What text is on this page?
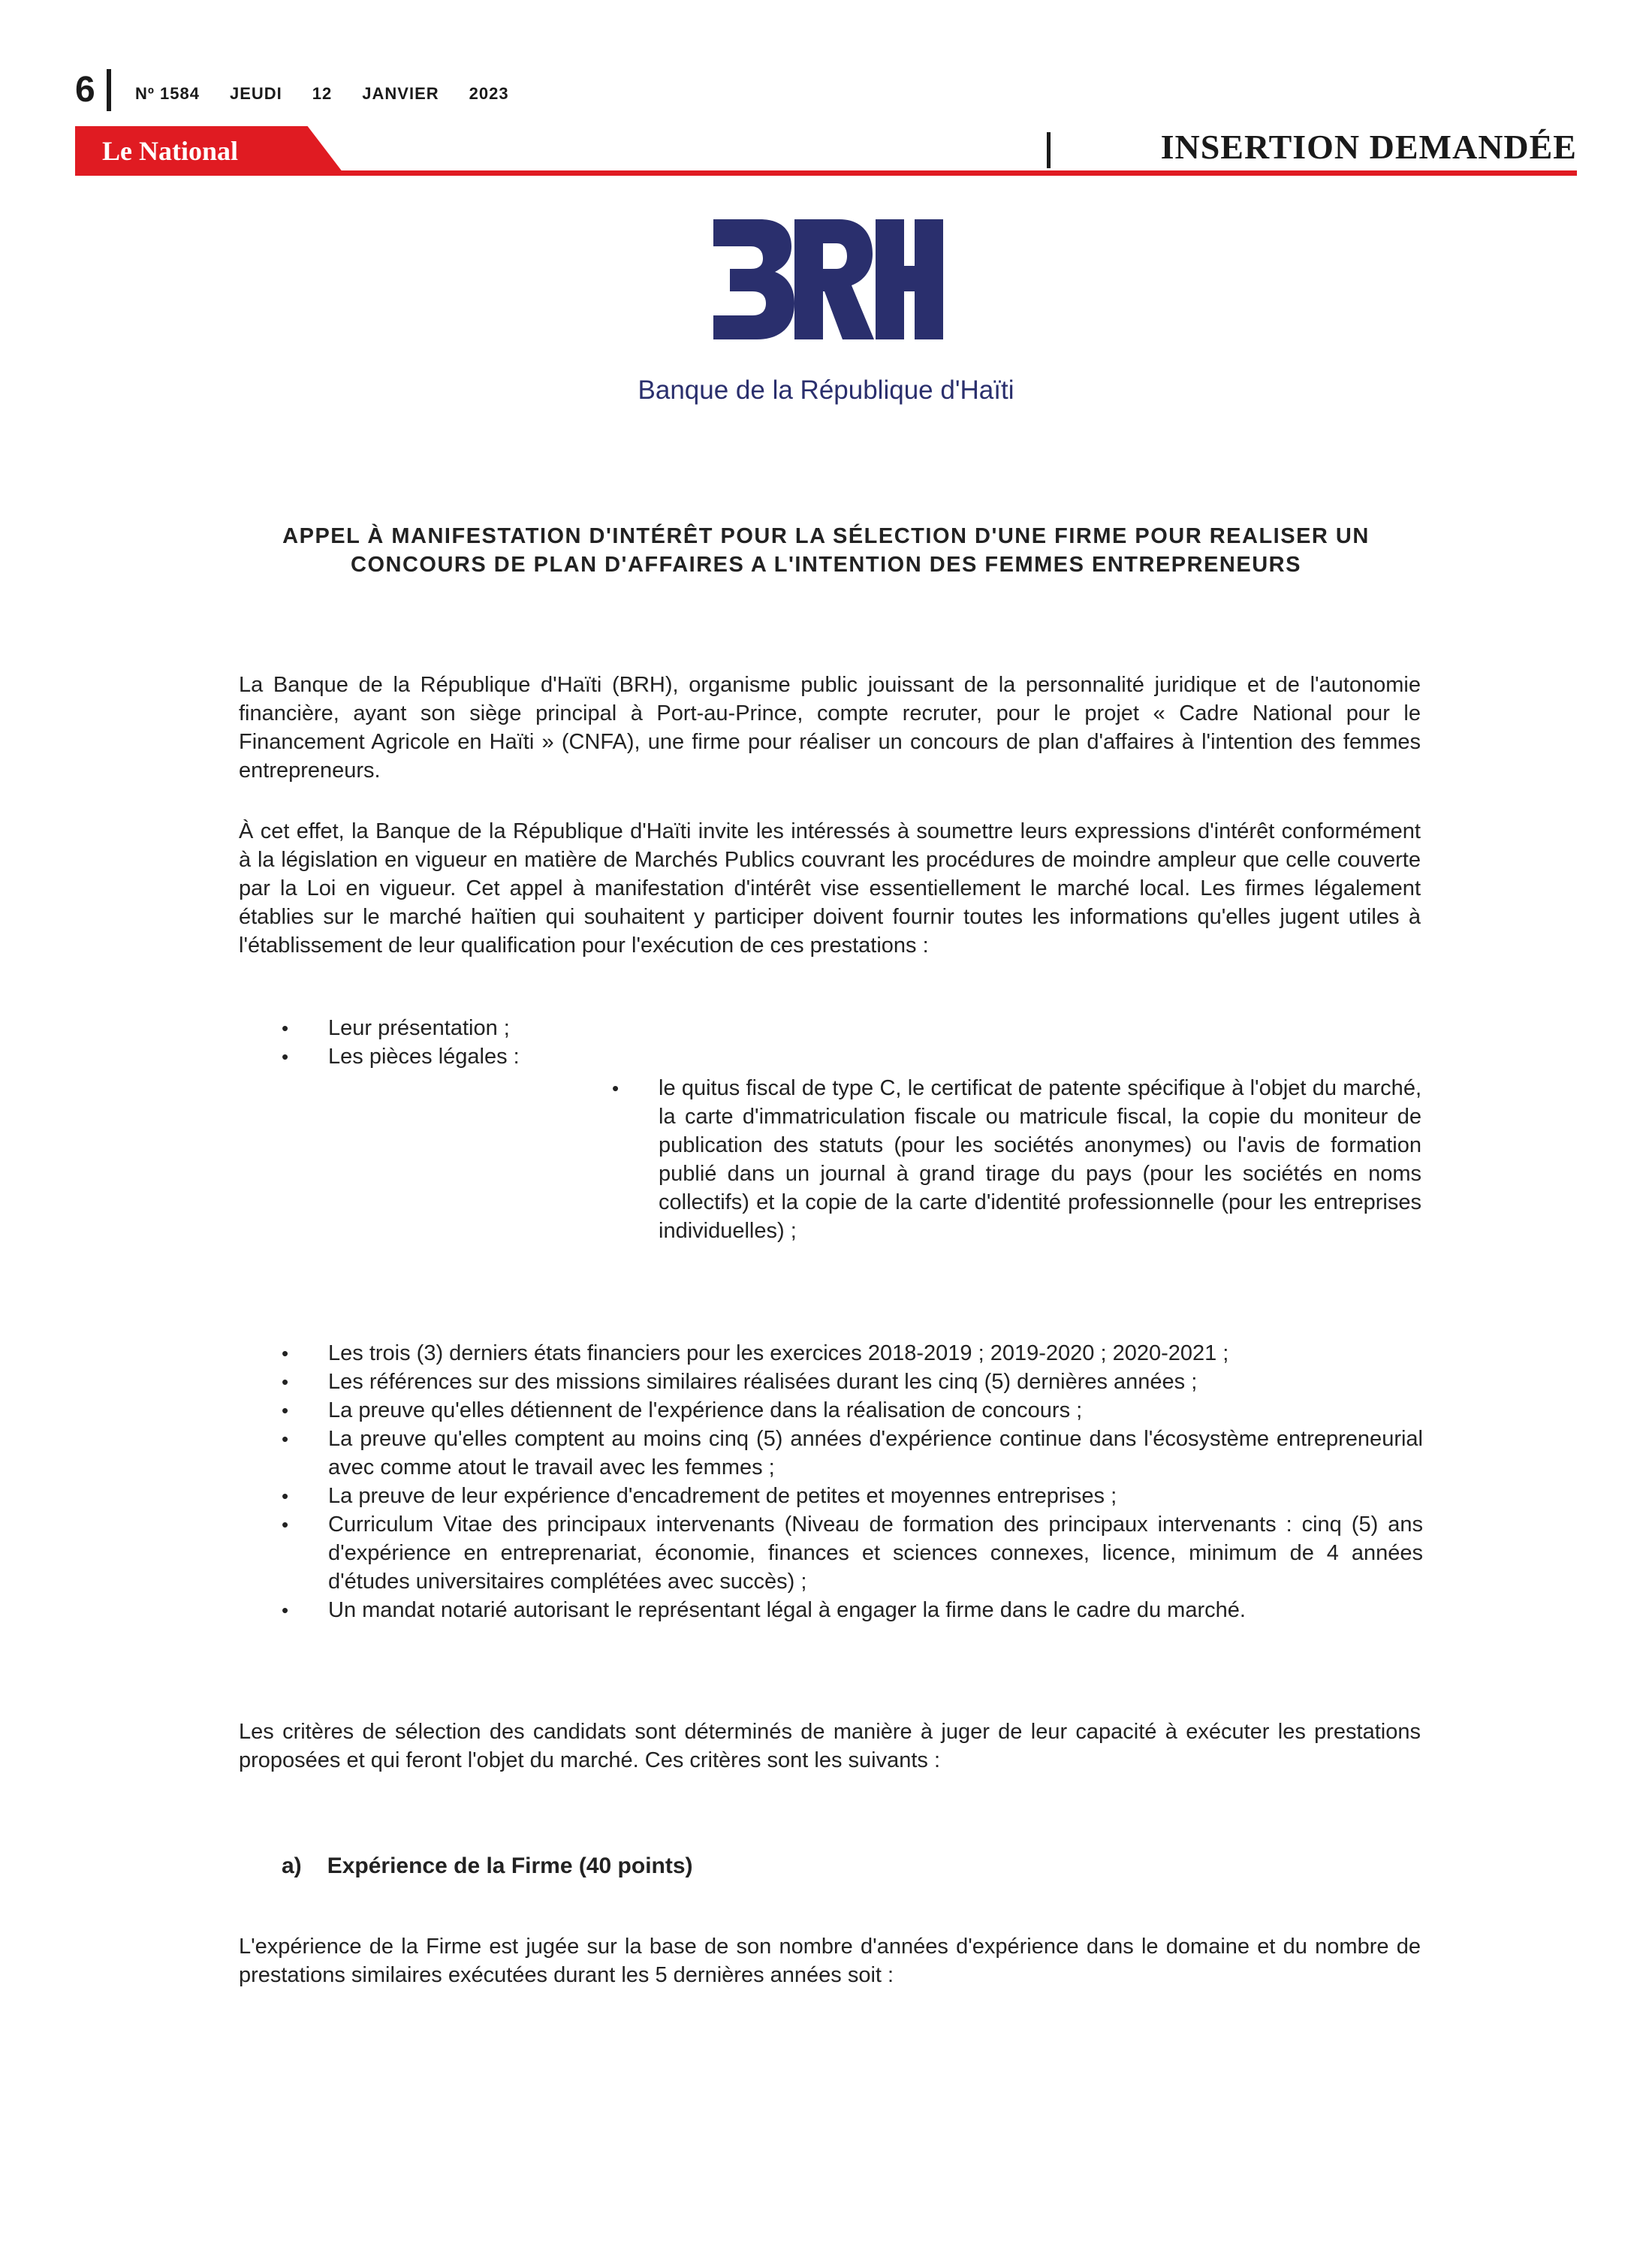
6 Nº 1584 JEUDI 12 JANVIER 2023
Le National	INSERTION DEMANDÉE
Banque de la République d'Haïti
APPEL À MANIFESTATION D'INTÉRÊT POUR LA SÉLECTION D'UNE FIRME POUR REALISER UN
CONCOURS DE PLAN D'AFFAIRES A L'INTENTION DES FEMMES ENTREPRENEURS
La Banque de la République d'Haïti (BRH), organisme public jouissant de la personnalité juridique et de l'autonomie financière, ayant son siège principal à Port-au-Prince, compte recruter, pour le projet « Cadre National pour le Financement Agricole en Haïti » (CNFA), une firme pour réaliser un concours de plan d'affaires à l'intention des femmes entrepreneurs.
À cet effet, la Banque de la République d'Haïti invite les intéressés à soumettre leurs expressions d'intérêt conformément à la législation en vigueur en matière de Marchés Publics couvrant les procédures de moindre ampleur que celle couverte par la Loi en vigueur. Cet appel à manifestation d'intérêt vise essentiellement le marché local. Les firmes légalement établies sur le marché haïtien qui souhaitent y participer doivent fournir toutes les informations qu'elles jugent utiles à l'établissement de leur qualification pour l'exécution de ces prestations :
• Leur présentation ;
• Les pièces légales :
• le quitus fiscal de type C, le certificat de patente spécifique à l'objet du marché, la carte d'immatriculation fiscale ou matricule fiscal, la copie du moniteur de publication des statuts (pour les sociétés anonymes) ou l'avis de formation publié dans un journal à grand tirage du pays (pour les sociétés en noms collectifs) et la copie de la carte d'identité professionnelle (pour les entreprises individuelles) ;
• Les trois (3) derniers états financiers pour les exercices 2018-2019 ; 2019-2020 ; 2020-2021 ;
• Les références sur des missions similaires réalisées durant les cinq (5) dernières années ;
• La preuve qu'elles détiennent de l'expérience dans la réalisation de concours ;
• La preuve qu'elles comptent au moins cinq (5) années d'expérience continue dans l'écosystème entrepreneurial avec comme atout le travail avec les femmes ;
• La preuve de leur expérience d'encadrement de petites et moyennes entreprises ;
• Curriculum Vitae des principaux intervenants (Niveau de formation des principaux intervenants : cinq (5) ans d'expérience en entreprenariat, économie, finances et sciences connexes, licence, minimum de 4 années d'études universitaires complétées avec succès) ;
• Un mandat notarié autorisant le représentant légal à engager la firme dans le cadre du marché.
Les critères de sélection des candidats sont déterminés de manière à juger de leur capacité à exécuter les prestations proposées et qui feront l'objet du marché. Ces critères sont les suivants :
a) Expérience de la Firme (40 points)
L'expérience de la Firme est jugée sur la base de son nombre d'années d'expérience dans le domaine et du nombre de prestations similaires exécutées durant les 5 dernières années soit :
